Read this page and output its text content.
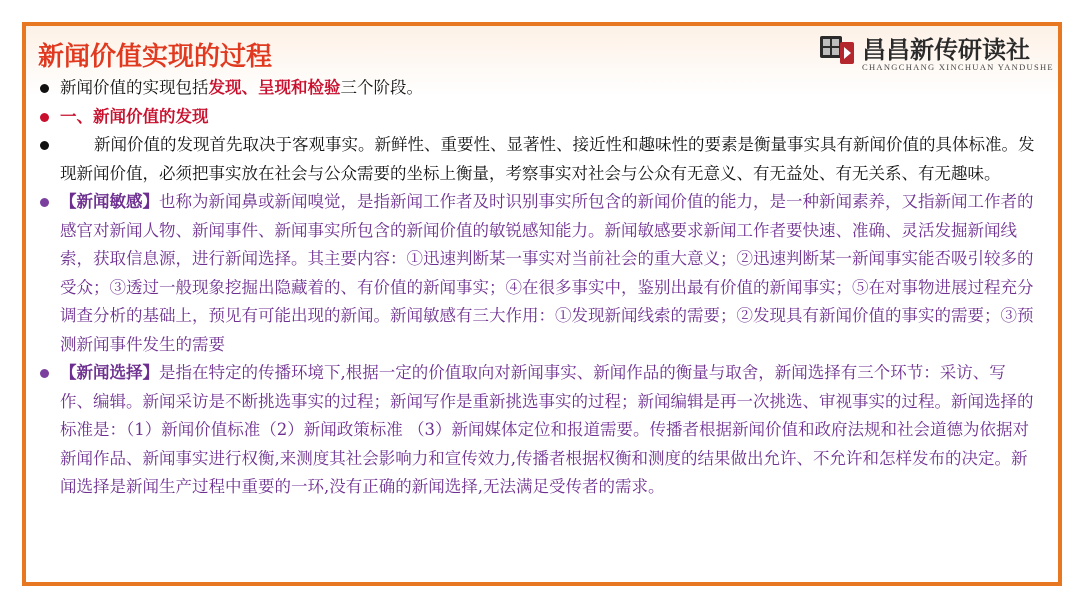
新闻价值实现的过程	昌昌新传研读社
CHANGCHANG XINCHUAN YANDUSHE
新闻价值的实现包括发现、呈现和检验三个阶段。
一、新闻价值的发现
新闻价值的发现首先取决于客观事实。新鲜性、重要性、显著性、接近性和趣味性的要素是衡量事实具有新闻价值的具体标准。发现新闻价值，必须把事实放在社会与公众需要的坐标上衡量，考察事实对社会与公众有无意义、有无益处、有无关系、有无趣味。
【新闻敏感】也称为新闻鼻或新闻嗅觉，是指新闻工作者及时识别事实所包含的新闻价值的能力，是一种新闻素养，又指新闻工作者的感官对新闻人物、新闻事件、新闻事实所包含的新闻价值的敏锐感知能力。新闻敏感要求新闻工作者要快速、准确、灵活发掘新闻线索，获取信息源，进行新闻选择。其主要内容：①迅速判断某一事实对当前社会的重大意义；②迅速判断某一新闻事实能否吸引较多的受众；③透过一般现象挖掘出隐藏着的、有价值的新闻事实；④在很多事实中，鉴别出最有价值的新闻事实；⑤在对事物进展过程充分调查分析的基础上，预见有可能出现的新闻。新闻敏感有三大作用：①发现新闻线索的需要；②发现具有新闻价值的事实的需要；③预测新闻事件发生的需要
【新闻选择】是指在特定的传播环境下,根据一定的价值取向对新闻事实、新闻作品的衡量与取舍，新闻选择有三个环节：采访、写作、编辑。新闻采访是不断挑选事实的过程；新闻写作是重新挑选事实的过程；新闻编辑是再一次挑选、审视事实的过程。新闻选择的标准是：（1）新闻价值标准（2）新闻政策标准 （3）新闻媒体定位和报道需要。传播者根据新闻价值和政府法规和社会道德为依据对新闻作品、新闻事实进行权衡,来测度其社会影响力和宣传效力,传播者根据权衡和测度的结果做出允许、不允许和怎样发布的决定。新闻选择是新闻生产过程中重要的一环,没有正确的新闻选择,无法满足受传者的需求。
